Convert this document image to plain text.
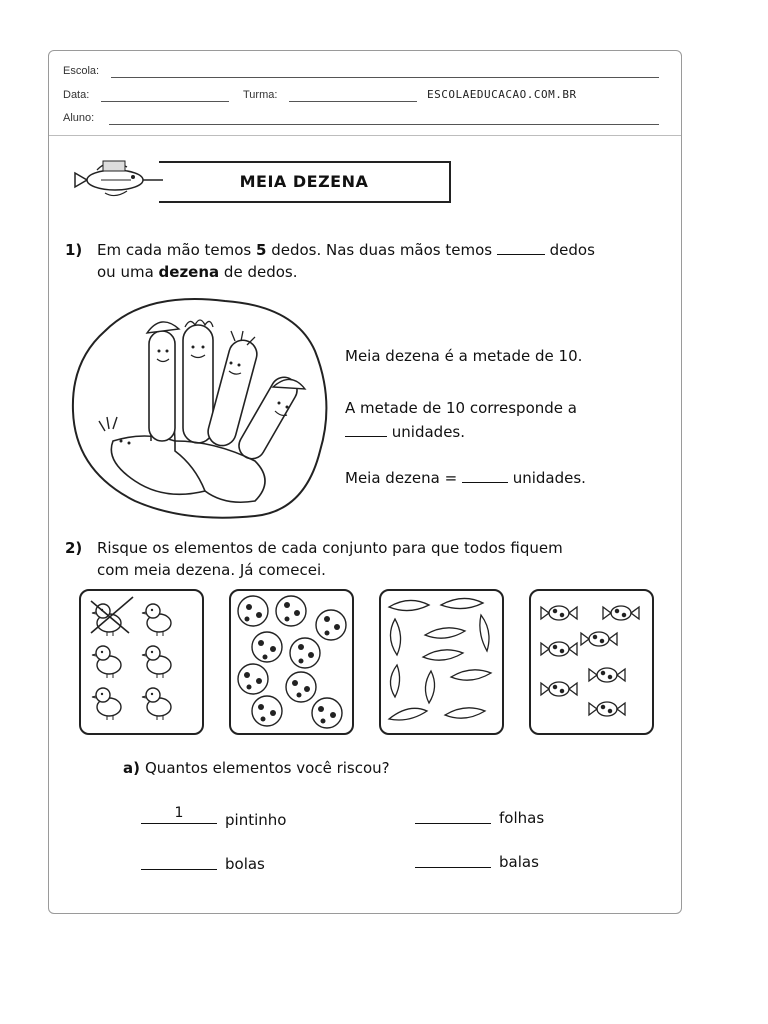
Escola:
Data:	Turma:	ESCOLAEDUCACAO.COM.BR
Aluno:
MEIA DEZENA
1) Em cada mão temos 5 dedos. Nas duas mãos temos	dedos
ou uma dezena de dedos.
Meia dezena é a metade de 10.
A metade de 10 corresponde a
unidades.
Meia dezena =	unidades.
2) Risque os elementos de cada conjunto para que todos fiquem
com meia dezena. Já comecei.
a) Quantos elementos você riscou?
1	pintinho	folhas
bolas	balas
